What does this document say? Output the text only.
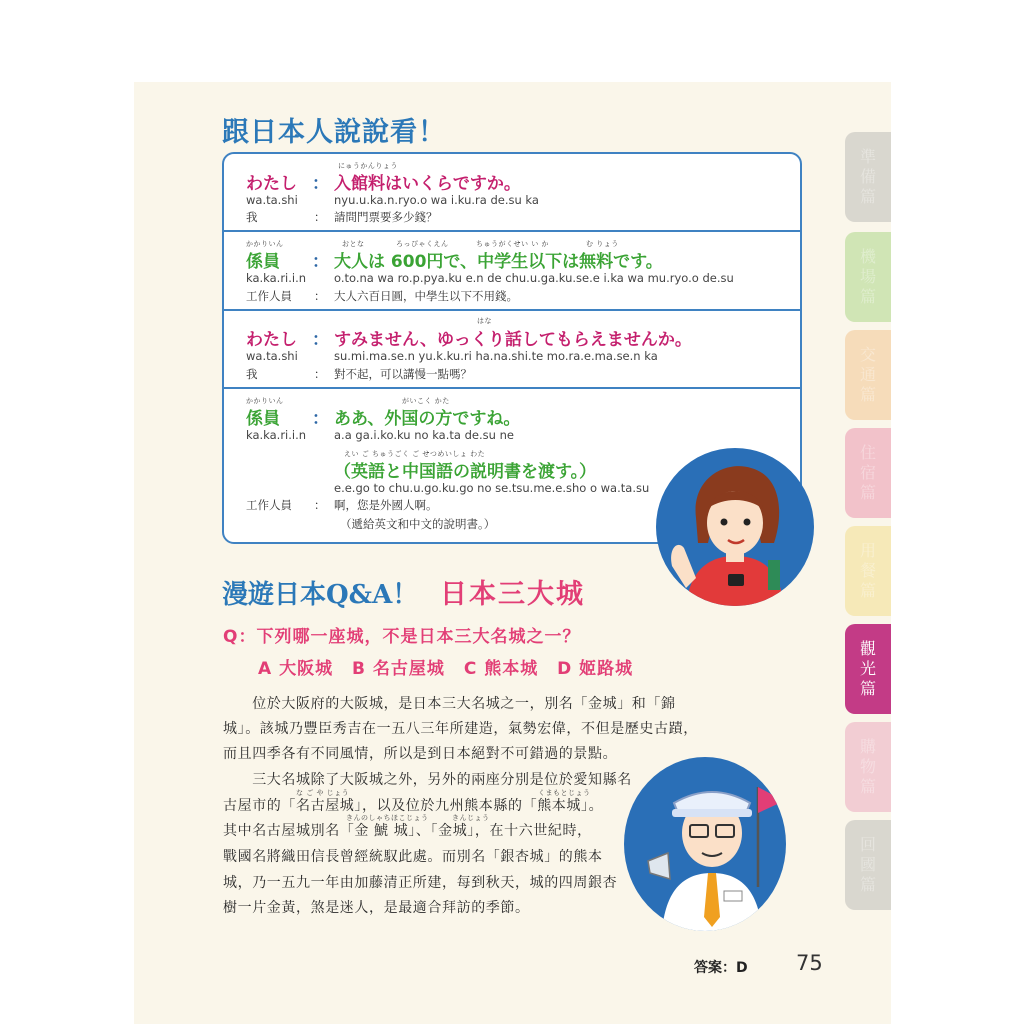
準備篇
機場篇
交通篇
住宿篇
用餐篇
觀光篇
購物篇
回國篇
跟日本人說說看！
にゅうかんりょう
わたし ： 入館料はいくらですか。
wa.ta.shi	nyu.u.ka.n.ryo.o wa i.ku.ra de.su ka
我	： 請問門票要多少錢？
かかりいん	おとな	ろっぴゃくえん	ちゅうがくせい い か	む りょう
係員 ： 大人は 600円で、中学生以下は無料です。
ka.ka.ri.i.n o.to.na wa ro.p.pya.ku e.n de chu.u.ga.ku.se.e i.ka wa mu.ryo.o de.su
工作人員 ： 大人六百日圓，中學生以下不用錢。
はな
わたし ： すみません、ゆっくり話してもらえませんか。
wa.ta.shi	su.mi.ma.se.n yu.k.ku.ri ha.na.shi.te mo.ra.e.ma.se.n ka
我	： 對不起，可以講慢一點嗎？
かかりいん	がいこく かた
係員 ： ああ、外国の方ですね。
ka.ka.ri.i.n a.a ga.i.ko.ku no ka.ta de.su ne
えい ご ちゅうごく ご せつめいしょ わた
（英語と中国語の説明書を渡す。）
e.e.go to chu.u.go.ku.go no se.tsu.me.e.sho o wa.ta.su
工作人員 ： 啊，您是外國人啊。
（遞給英文和中文的說明書。）
漫遊日本Q&A！ 日本三大城
Q：下列哪一座城，不是日本三大名城之一？
A 大阪城 B 名古屋城 C 熊本城 D 姬路城
　　位於大阪府的大阪城，是日本三大名城之一，別名「金城」和「錦
城」。該城乃豐臣秀吉在一五八三年所建造，氣勢宏偉，不但是歷史古蹟，
而且四季各有不同風情，所以是到日本絕對不可錯過的景點。
　　三大名城除了大阪城之外，另外的兩座分別是位於愛知縣名
な ご や じょう	くまもとじょう
古屋市的「名古屋城」，以及位於九州熊本縣的「熊本城」。
きんのしゃちほこじょう	きんじょう
其中名古屋城別名「金 鯱 城」、「金城」，在十六世紀時，
戰國名將織田信長曾經統馭此處。而別名「銀杏城」的熊本
城，乃一五九一年由加藤清正所建，每到秋天，城的四周銀杏
樹一片金黃，煞是迷人，是最適合拜訪的季節。
答案：D 75
